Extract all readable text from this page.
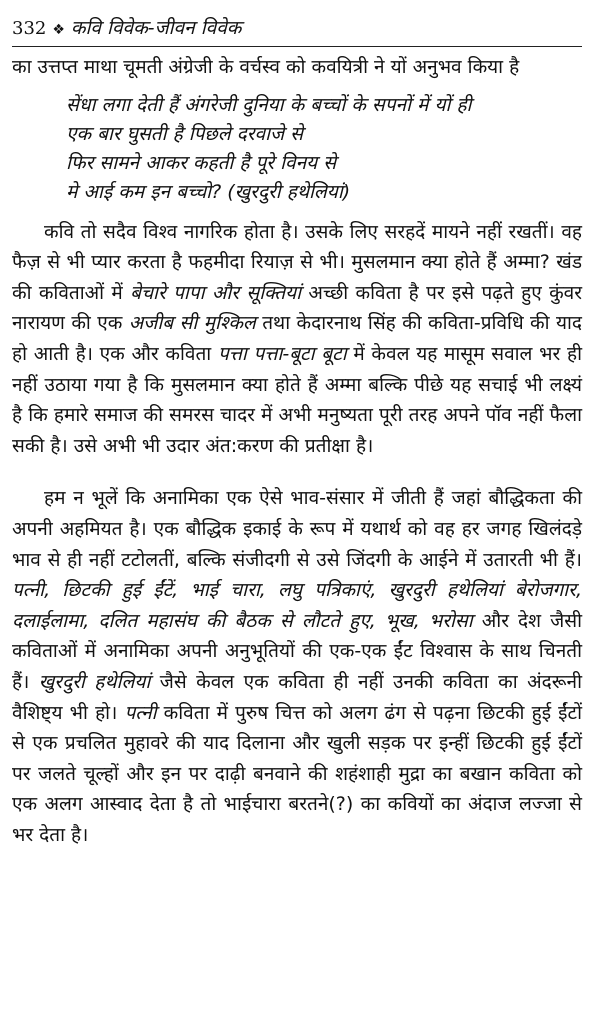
332 ❖ कवि विवेक-जीवन विवेक

का उत्तप्त माथा चूमती अंग्रेजी के वर्चस्व को कवयित्री ने यों अनुभव किया है

सेंधा लगा देती हैं अंगरेजी दुनिया के बच्चों के सपनों में यों ही
एक बार घुसती है पिछले दरवाजे से
फिर सामने आकर कहती है पूरे विनय से
मे आई कम इन बच्चो? (खुरदुरी हथेलियां)

कवि तो सदैव विश्व नागरिक होता है। उसके लिए सरहदें मायने नहीं रखतीं। वह फैज़ से भी प्यार करता है फहमीदा रियाज़ से भी। मुसलमान क्या होते हैं अम्मा? खंड की कविताओं में बेचारे पापा और सूक्तियां अच्छी कविता है पर इसे पढ़ते हुए कुंवर नारायण की एक अजीब सी मुश्किल तथा केदारनाथ सिंह की कविता-प्रविधि की याद हो आती है। एक और कविता पत्ता पत्ता-बूटा बूटा में केवल यह मासूम सवाल भर ही नहीं उठाया गया है कि मुसलमान क्या होते हैं अम्मा बल्कि पीछे यह सचाई भी लक्ष्यं है कि हमारे समाज की समरस चादर में अभी मनुष्यता पूरी तरह अपने पॉव नहीं फैला सकी है। उसे अभी भी उदार अंत:करण की प्रतीक्षा है।

हम न भूलें कि अनामिका एक ऐसे भाव-संसार में जीती हैं जहां बौद्धिकता की अपनी अहमियत है। एक बौद्धिक इकाई के रूप में यथार्थ को वह हर जगह खिलंदड़े भाव से ही नहीं टटोलतीं, बल्कि संजीदगी से उसे जिंदगी के आईने में उतारती भी हैं। पत्नी, छिटकी हुई ईंटें, भाई चारा, लघु पत्रिकाएं, खुरदुरी हथेलियां बेरोजगार, दलाईलामा, दलित महासंघ की बैठक से लौटते हुए, भूख, भरोसा और देश जैसी कविताओं में अनामिका अपनी अनुभूतियों की एक-एक ईंट विश्वास के साथ चिनती हैं। खुरदुरी हथेलियां जैसे केवल एक कविता ही नहीं उनकी कविता का अंदरूनी वैशिष्ट्य भी हो। पत्नी कविता में पुरुष चित्त को अलग ढंग से पढ़ना छिटकी हुई ईंटों से एक प्रचलित मुहावरे की याद दिलाना और खुली सड़क पर इन्हीं छिटकी हुई ईंटों पर जलते चूल्हों और इन पर दाढ़ी बनवाने की शहंशाही मुद्रा का बखान कविता को एक अलग आस्वाद देता है तो भाईचारा बरतने(?) का कवियों का अंदाज लज्जा से भर देता है।
